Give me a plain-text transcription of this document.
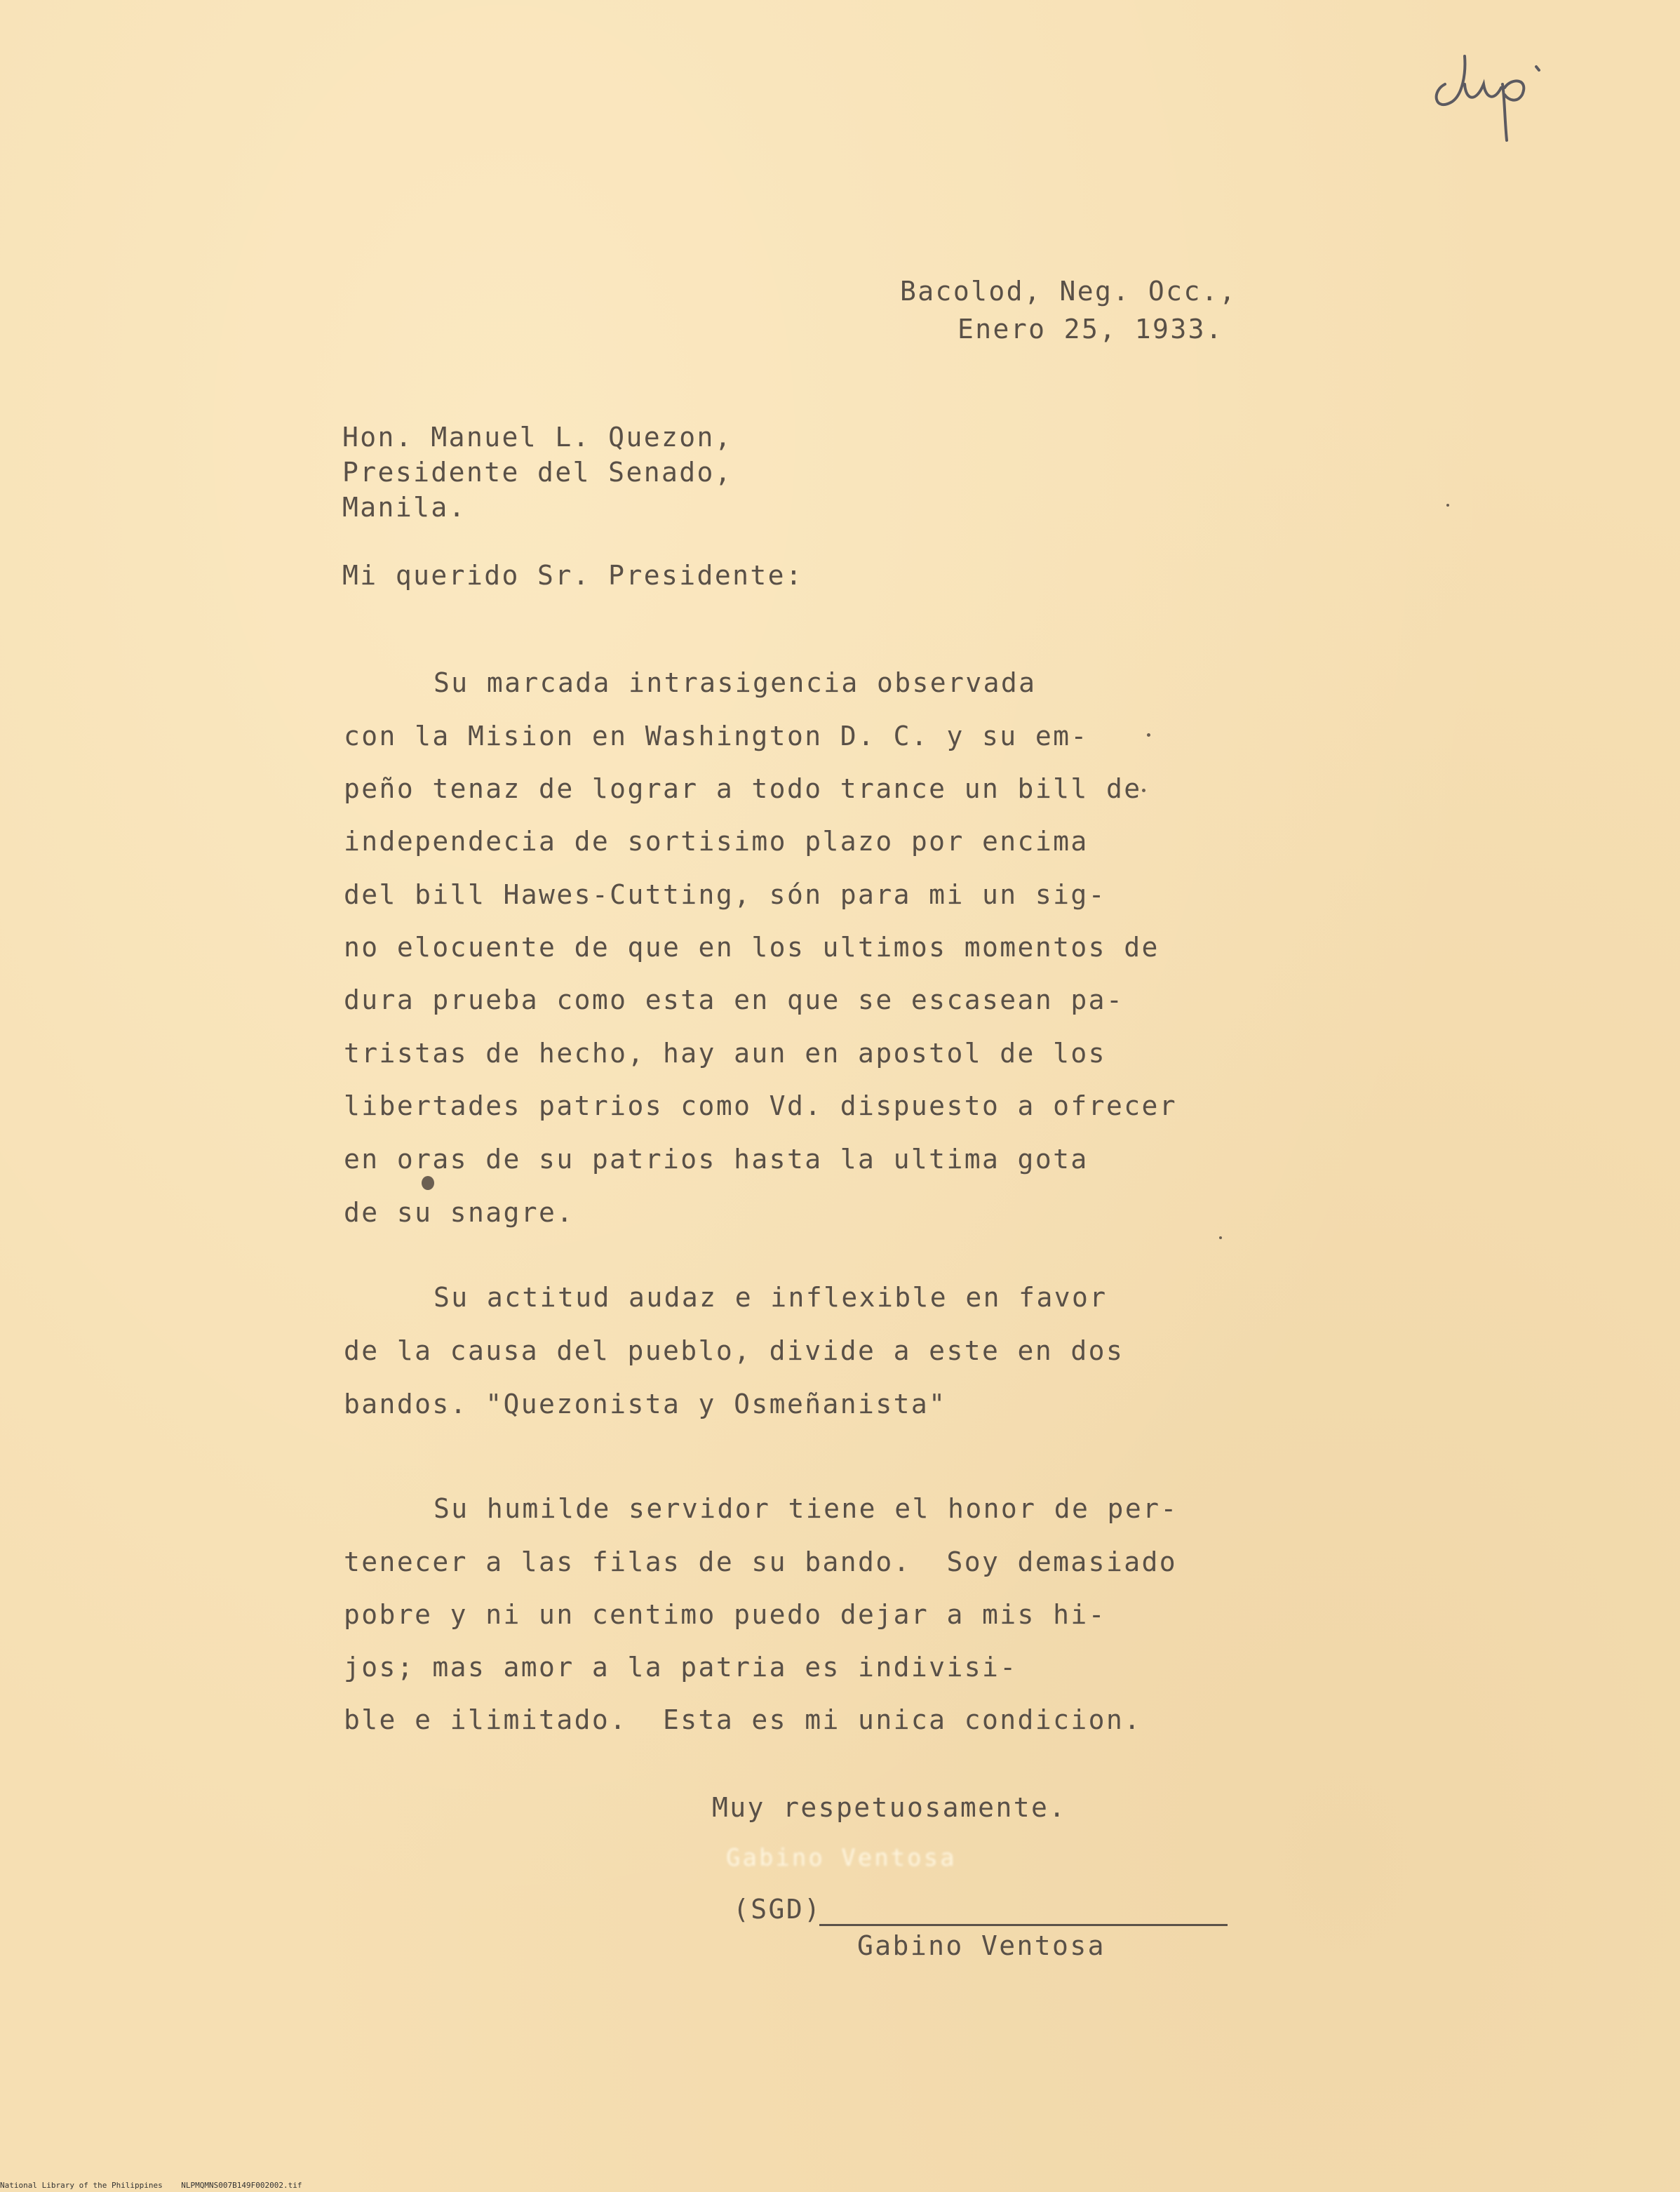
dup.
Bacolod, Neg. Occ.,
Enero 25, 1933.
Hon. Manuel L. Quezon,
Presidente del Senado,
Manila.
Mi querido Sr. Presidente:
Su marcada intrasigencia observada
con la Mision en Washington D. C. y su em-
peño tenaz de lograr a todo trance un bill de
independecia de sortisimo plazo por encima
del bill Hawes-Cutting, són para mi un sig-
no elocuente de que en los ultimos momentos de
dura prueba como esta en que se escasean pa-
tristas de hecho, hay aun en apostol de los
libertades patrios como Vd. dispuesto a ofrecer
en oras de su patrios hasta la ultima gota
de su snagre.
Su actitud audaz e inflexible en favor
de la causa del pueblo, divide a este en dos
bandos. "Quezonista y Osmeñanista"
Su humilde servidor tiene el honor de per-
tenecer a las filas de su bando.  Soy demasiado
pobre y ni un centimo puedo dejar a mis hi-
jos; mas amor a la patria es indivisi-
ble e ilimitado.  Esta es mi unica condicion.
Muy respetuosamente.
Gabino Ventosa
(SGD)
Gabino Ventosa
National Library of the Philippines NLPMQMNS007B149F002002.tif
